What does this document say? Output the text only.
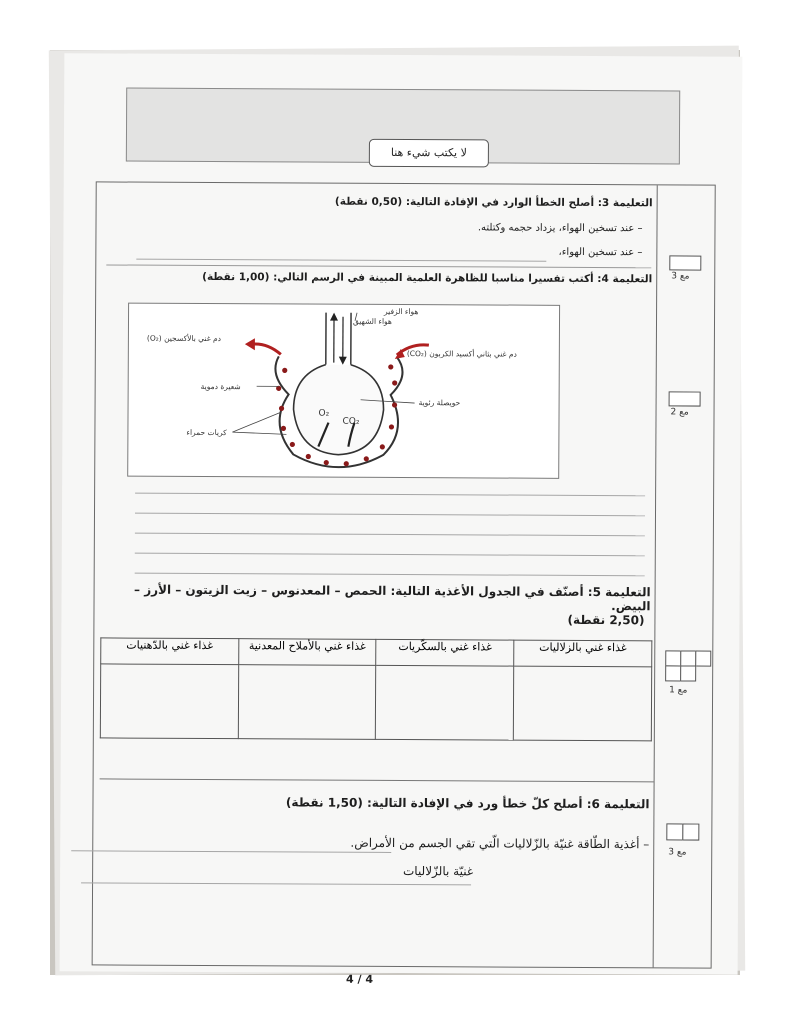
لا يكتب شيء هنا
مع 3
مع 2
مع 1
مع 3
التعليمة 3: أصلح الخطأ الوارد في الإفادة التالية: (0,50 نقطة)
– عند تسخين الهواء، يزداد حجمه وكتلته.
– عند تسخين الهواء،
التعليمة 4: أكتب تفسيرا مناسبا للظاهرة العلمية المبينة في الرسم التالي: (1,00 نقطة)
هواء الزفير
هواء الشهيق
دم غني بالأكسجين (O₂)
دم غني بثاني أكسيد الكربون (CO₂)
شعيرة دموية
حويصلة رئوية
كريات حمراء
O₂
CO₂
التعليمة 5: أصنّف في الجدول الأغذية التالية: الحمص – المعدنوس – زيت الزيتون – الأرز – البيض.
(2,50 نقطة)
غذاء غني بالدّهنيات	غذاء غني بالأملاح المعدنية	غذاء غني بالسكّريات	غذاء غني بالزلاليات

التعليمة 6: أصلح كلّ خطأ ورد في الإفادة التالية: (1,50 نقطة)
– أغذية الطّاقة غنيّة بالزّلاليات الّتي تقي الجسم من الأمراض.
غنيّة بالزّلاليات
4 / 4
